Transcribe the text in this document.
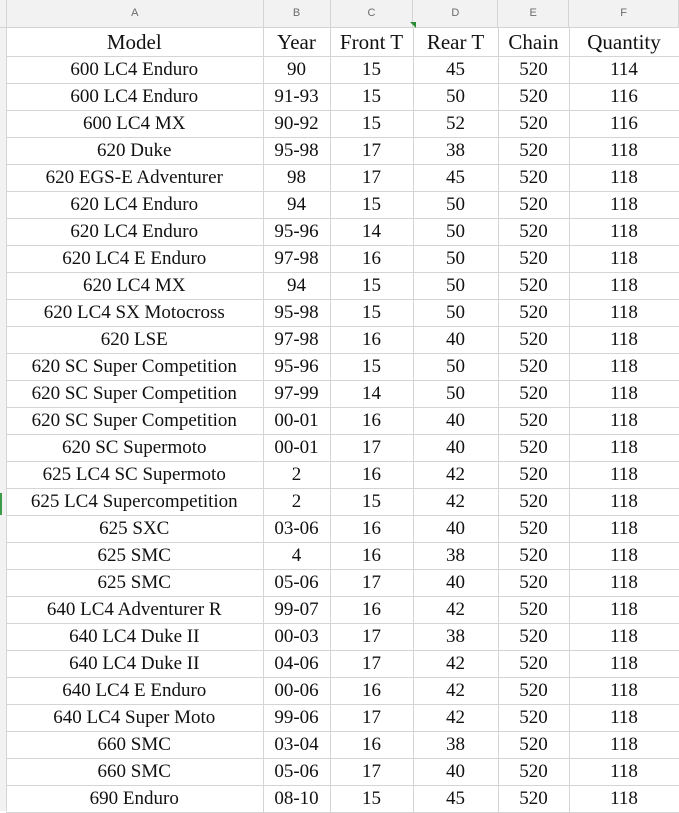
A	B	C	D	E	F
Model	Year	Front T	Rear T	Chain	Quantity
600 LC4 Enduro	90	15	45	520	114
600 LC4 Enduro	91-93	15	50	520	116
600 LC4 MX	90-92	15	52	520	116
620 Duke	95-98	17	38	520	118
620 EGS-E Adventurer	98	17	45	520	118
620 LC4 Enduro	94	15	50	520	118
620 LC4 Enduro	95-96	14	50	520	118
620 LC4 E Enduro	97-98	16	50	520	118
620 LC4 MX	94	15	50	520	118
620 LC4 SX Motocross	95-98	15	50	520	118
620 LSE	97-98	16	40	520	118
620 SC Super Competition	95-96	15	50	520	118
620 SC Super Competition	97-99	14	50	520	118
620 SC Super Competition	00-01	16	40	520	118
620 SC Supermoto	00-01	17	40	520	118
625 LC4 SC Supermoto	2	16	42	520	118
625 LC4 Supercompetition	2	15	42	520	118
625 SXC	03-06	16	40	520	118
625 SMC	4	16	38	520	118
625 SMC	05-06	17	40	520	118
640 LC4 Adventurer R	99-07	16	42	520	118
640 LC4 Duke II	00-03	17	38	520	118
640 LC4 Duke II	04-06	17	42	520	118
640 LC4 E Enduro	00-06	16	42	520	118
640 LC4 Super Moto	99-06	17	42	520	118
660 SMC	03-04	16	38	520	118
660 SMC	05-06	17	40	520	118
690 Enduro	08-10	15	45	520	118
